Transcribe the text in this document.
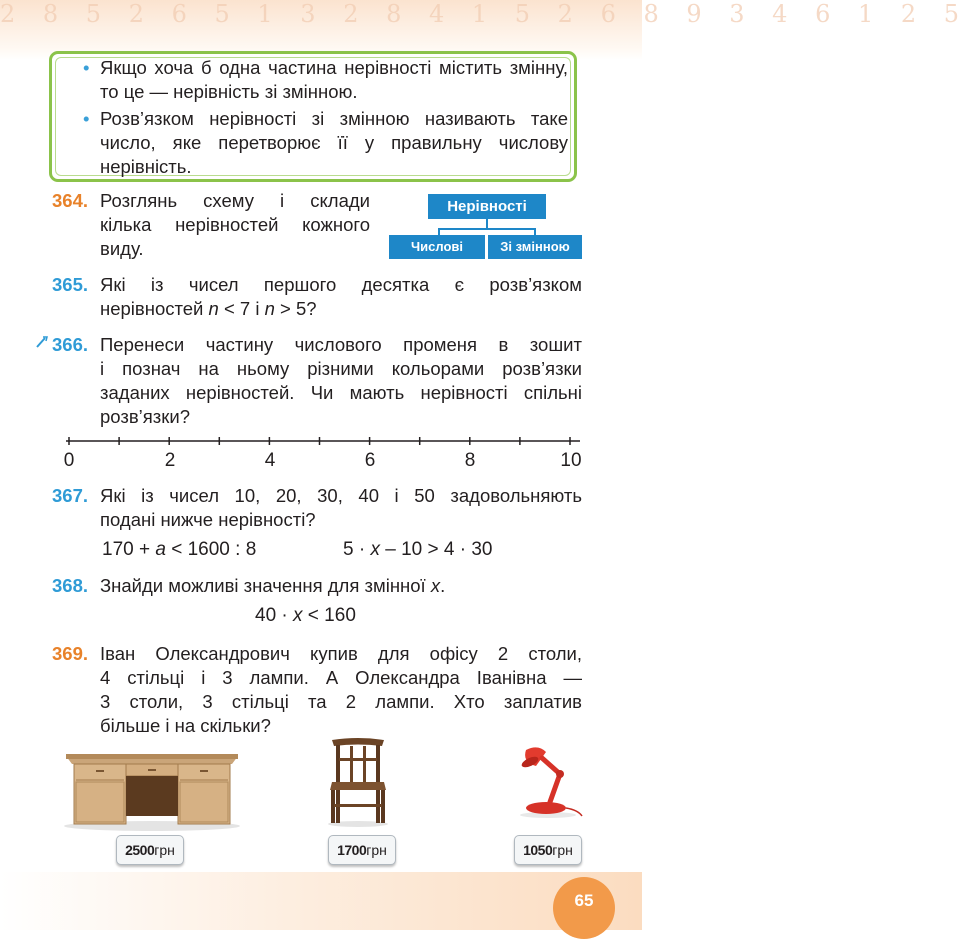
2 8 5 2 6 5 1 3 2 8 4 1 5 2 6 8 9 3 4 6 1 2 5
• Якщо хоча б одна частина нерівності містить змінну, то це — нерівність зі змінною.
• Розв’язком нерівності зі змінною називають таке число, яке перетворює її у правильну числову нерівність.
364. Розглянь схему і склади
кілька нерівностей кожного
виду.
Нерівності
Числові	Зі змінною
365. Які із чисел першого десятка є розв’язком
нерівностей n < 7 і n > 5?
366. Перенеси частину числового променя в зошит
і познач на ньому різними кольорами розв’язки
заданих нерівностей. Чи мають нерівності спільні
розв’язки?
0	2	4	6	8	10
367. Які із чисел 10, 20, 30, 40 і 50 задовольняють
подані нижче нерівності?
170 + a < 1600 : 8	5 · x – 10 > 4 · 30
368. Знайди можливі значення для змінної x.
40 · x < 160
369. Іван Олександрович купив для офісу 2 столи,
4 стільці і 3 лампи. А Олександра Іванівна —
3 столи, 3 стільці та 2 лампи. Хто заплатив
більше і на скільки?
2500грн	1700грн	1050грн
65
